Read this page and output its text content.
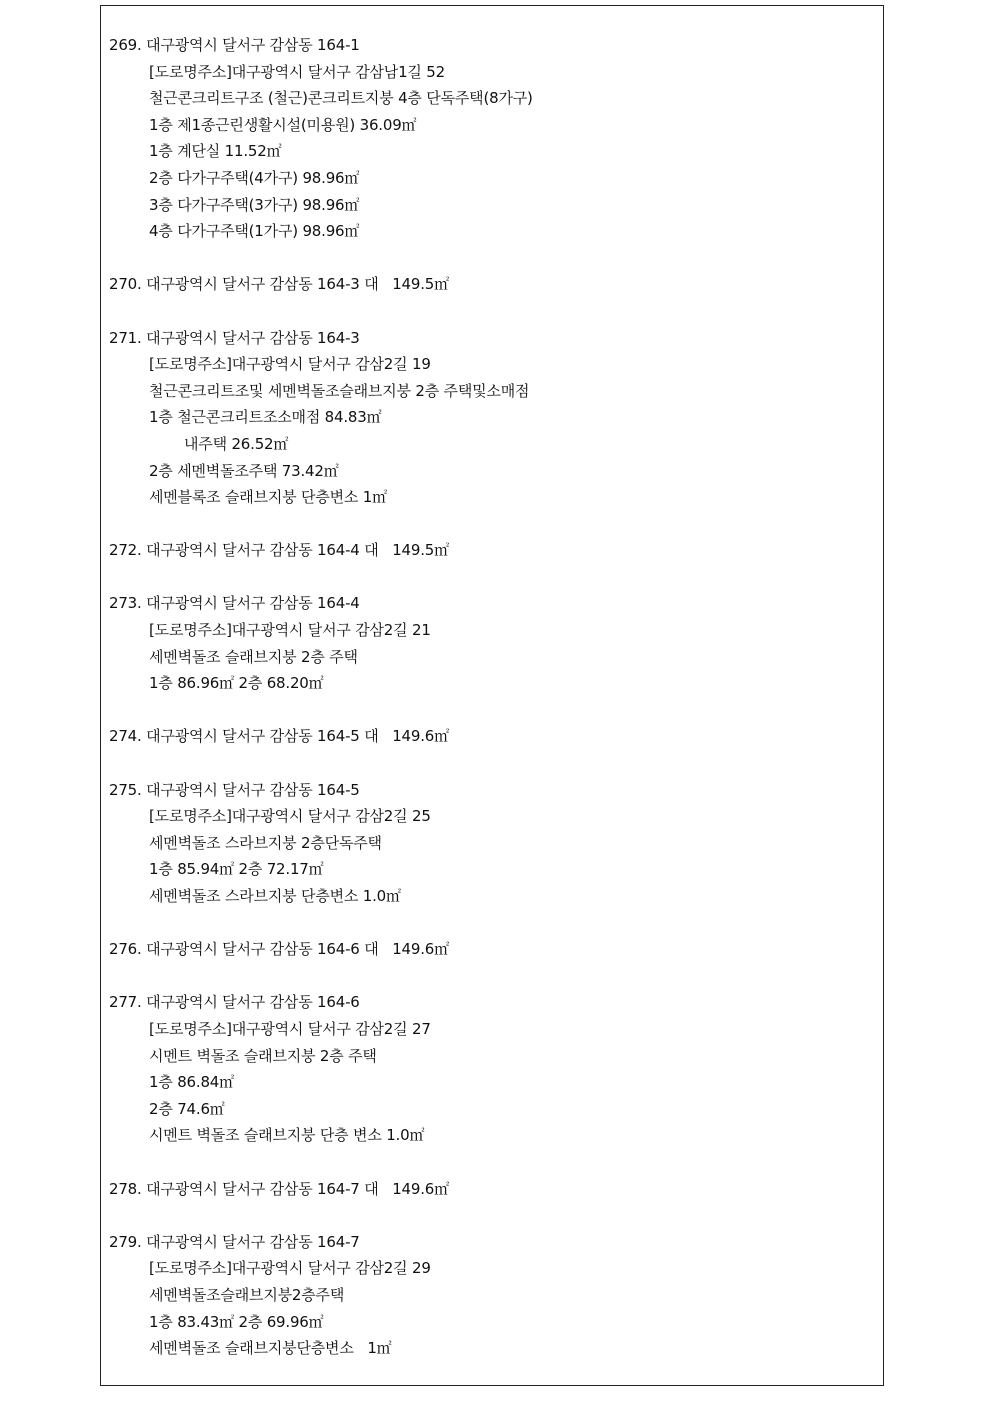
269. 대구광역시 달서구 감삼동 164-1
[도로명주소]대구광역시 달서구 감삼남1길 52
철근콘크리트구조 (철근)콘크리트지붕 4층 단독주택(8가구)
1층 제1종근린생활시설(미용원) 36.09㎡
1층 계단실 11.52㎡
2층 다가구주택(4가구) 98.96㎡
3층 다가구주택(3가구) 98.96㎡
4층 다가구주택(1가구) 98.96㎡
270. 대구광역시 달서구 감삼동 164-3 대   149.5㎡
271. 대구광역시 달서구 감삼동 164-3
[도로명주소]대구광역시 달서구 감삼2길 19
철근콘크리트조및 세멘벽돌조슬래브지붕 2층 주택및소매점
1층 철근콘크리트조소매점 84.83㎡
내주택 26.52㎡
2층 세멘벽돌조주택 73.42㎡
세멘블록조 슬래브지붕 단층변소 1㎡
272. 대구광역시 달서구 감삼동 164-4 대   149.5㎡
273. 대구광역시 달서구 감삼동 164-4
[도로명주소]대구광역시 달서구 감삼2길 21
세멘벽돌조 슬래브지붕 2층 주택
1층 86.96㎡ 2층 68.20㎡
274. 대구광역시 달서구 감삼동 164-5 대   149.6㎡
275. 대구광역시 달서구 감삼동 164-5
[도로명주소]대구광역시 달서구 감삼2길 25
세멘벽돌조 스라브지붕 2층단독주택
1층 85.94㎡ 2층 72.17㎡
세멘벽돌조 스라브지붕 단층변소 1.0㎡
276. 대구광역시 달서구 감삼동 164-6 대   149.6㎡
277. 대구광역시 달서구 감삼동 164-6
[도로명주소]대구광역시 달서구 감삼2길 27
시멘트 벽돌조 슬래브지붕 2층 주택
1층 86.84㎡
2층 74.6㎡
시멘트 벽돌조 슬래브지붕 단층 변소 1.0㎡
278. 대구광역시 달서구 감삼동 164-7 대   149.6㎡
279. 대구광역시 달서구 감삼동 164-7
[도로명주소]대구광역시 달서구 감삼2길 29
세멘벽돌조슬래브지붕2층주택
1층 83.43㎡ 2층 69.96㎡
세멘벽돌조 슬래브지붕단층변소   1㎡
